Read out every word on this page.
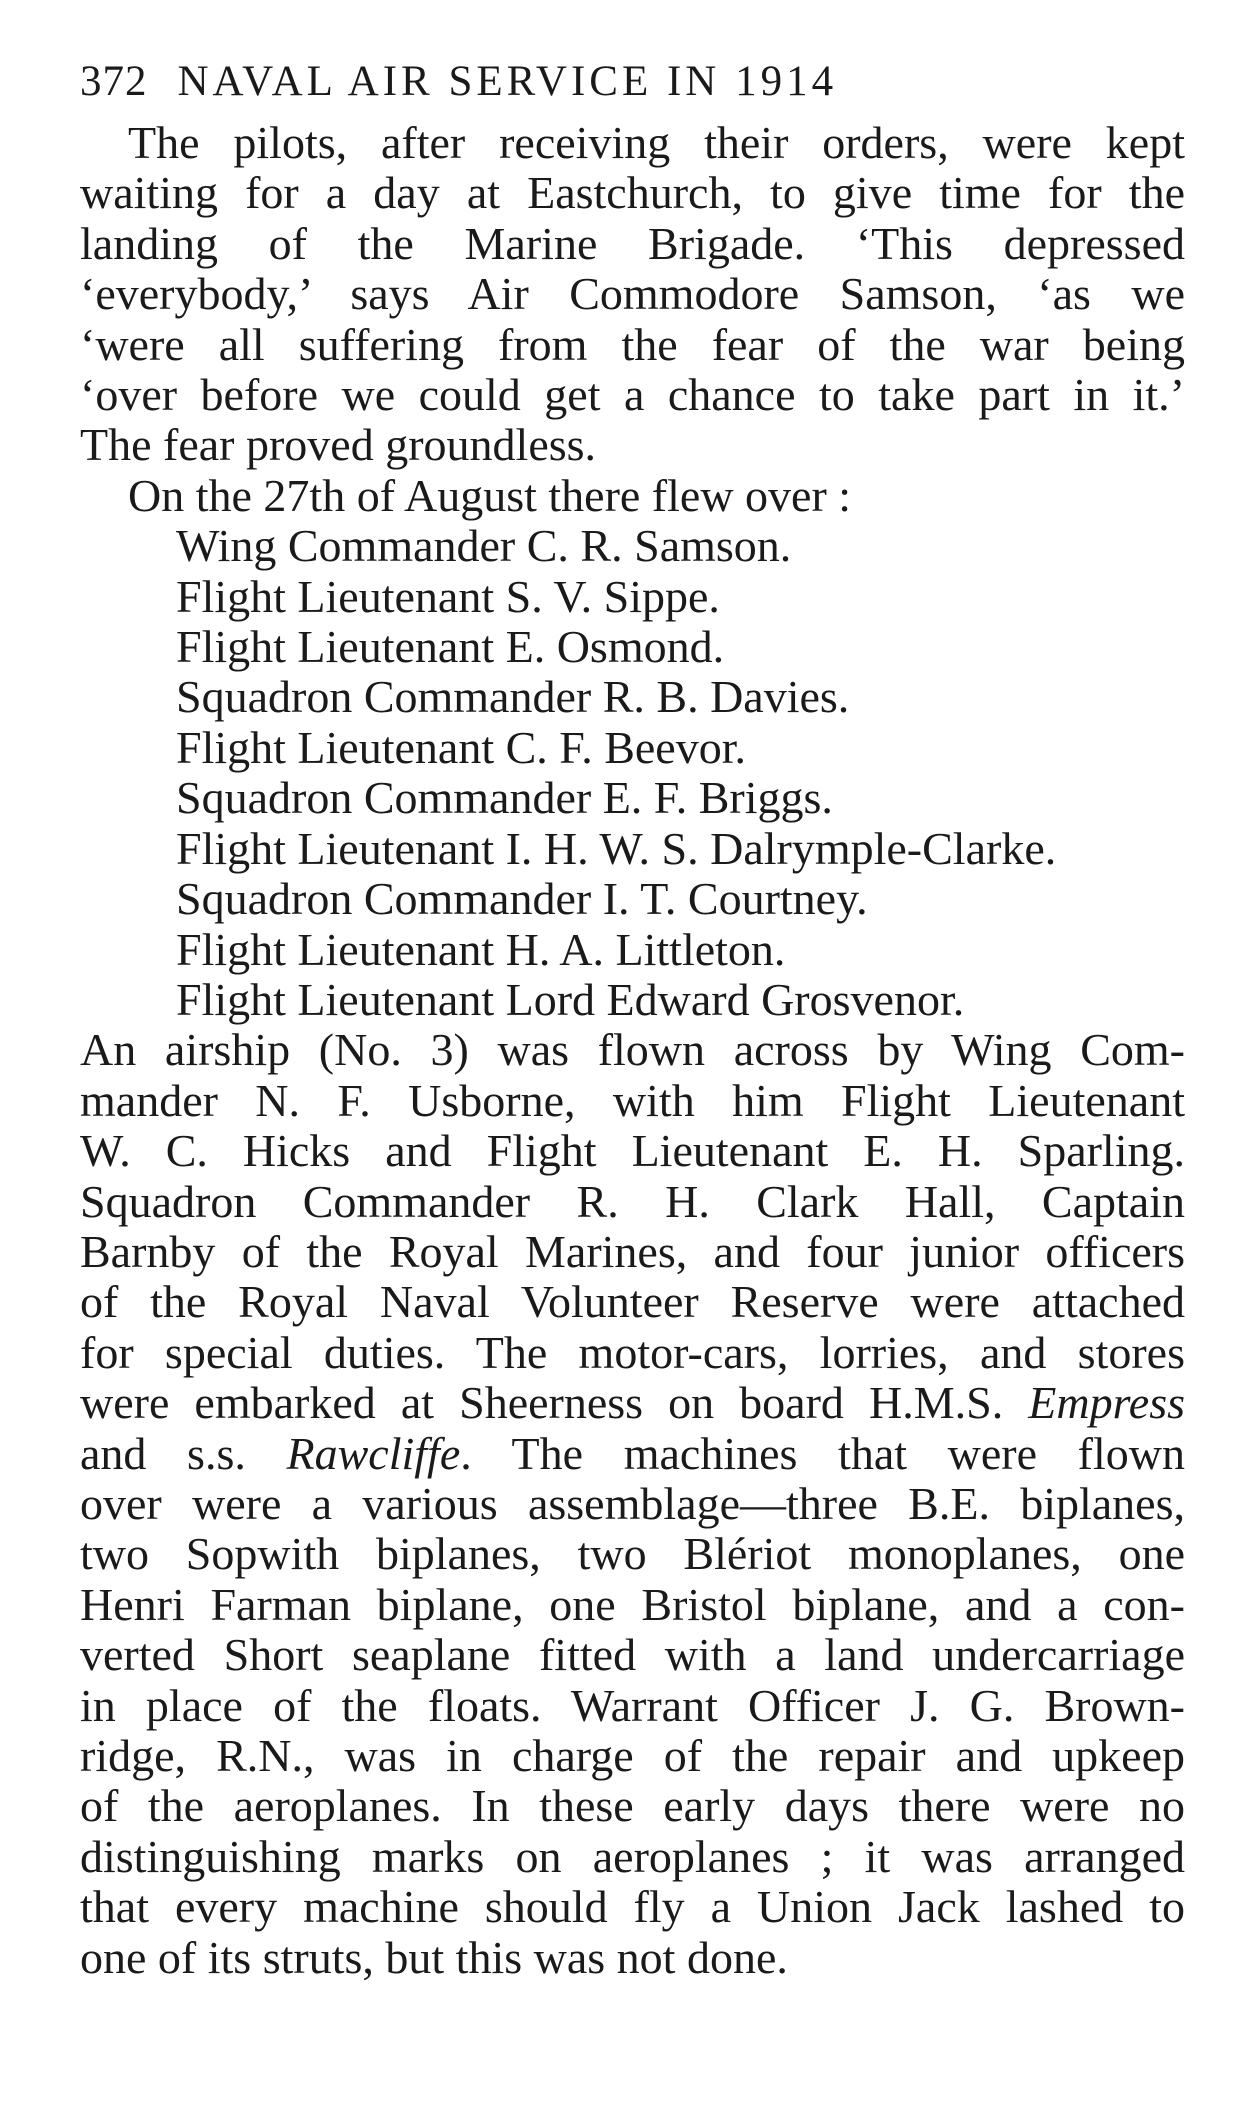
372 NAVAL AIR SERVICE IN 1914
The pilots, after receiving their orders, were kept
waiting for a day at Eastchurch, to give time for the
landing of the Marine Brigade. ‘This depressed
‘everybody,’ says Air Commodore Samson, ‘as we
‘were all suffering from the fear of the war being
‘over before we could get a chance to take part in it.’
The fear proved groundless.
On the 27th of August there flew over :
Wing Commander C. R. Samson.
Flight Lieutenant S. V. Sippe.
Flight Lieutenant E. Osmond.
Squadron Commander R. B. Davies.
Flight Lieutenant C. F. Beevor.
Squadron Commander E. F. Briggs.
Flight Lieutenant I. H. W. S. Dalrymple-Clarke.
Squadron Commander I. T. Courtney.
Flight Lieutenant H. A. Littleton.
Flight Lieutenant Lord Edward Grosvenor.
An airship (No. 3) was flown across by Wing Com-
mander N. F. Usborne, with him Flight Lieutenant
W. C. Hicks and Flight Lieutenant E. H. Sparling.
Squadron Commander R. H. Clark Hall, Captain
Barnby of the Royal Marines, and four junior officers
of the Royal Naval Volunteer Reserve were attached
for special duties. The motor-cars, lorries, and stores
were embarked at Sheerness on board H.M.S. Empress
and s.s. Rawcliffe. The machines that were flown
over were a various assemblage—three B.E. biplanes,
two Sopwith biplanes, two Blériot monoplanes, one
Henri Farman biplane, one Bristol biplane, and a con-
verted Short seaplane fitted with a land undercarriage
in place of the floats. Warrant Officer J. G. Brown-
ridge, R.N., was in charge of the repair and upkeep
of the aeroplanes. In these early days there were no
distinguishing marks on aeroplanes ; it was arranged
that every machine should fly a Union Jack lashed to
one of its struts, but this was not done.
